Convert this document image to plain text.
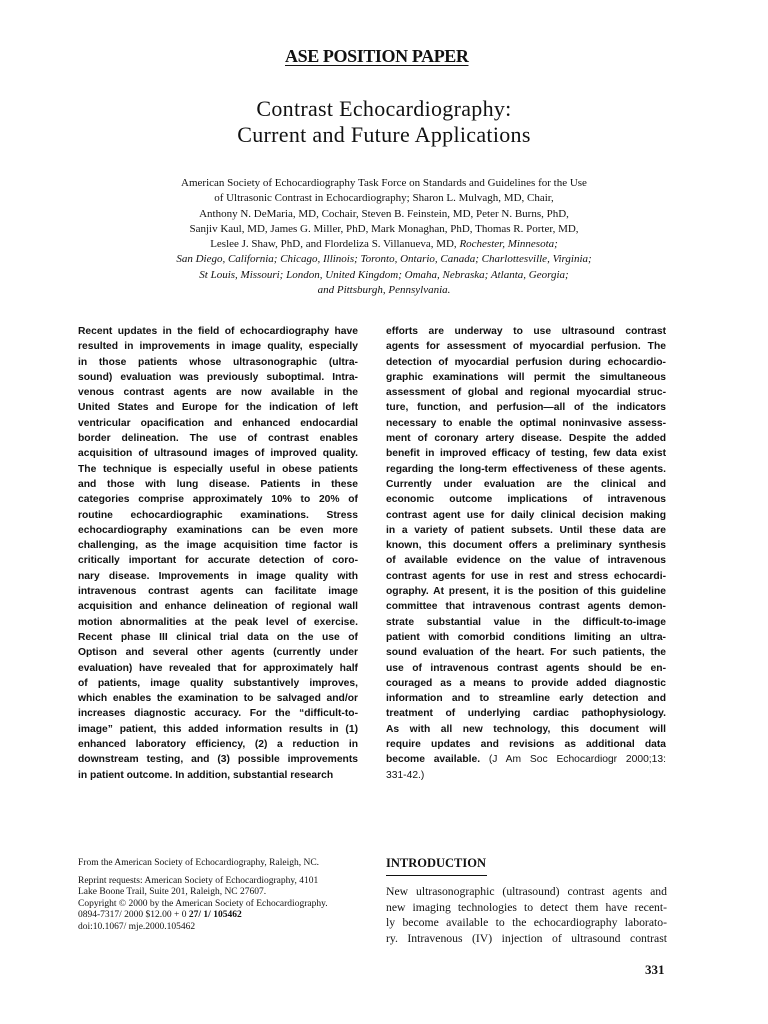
ASE POSITION PAPER
Contrast Echocardiography:
Current and Future Applications
American Society of Echocardiography Task Force on Standards and Guidelines for the Use
of Ultrasonic Contrast in Echocardiography; Sharon L. Mulvagh, MD, Chair,
Anthony N. DeMaria, MD, Cochair, Steven B. Feinstein, MD, Peter N. Burns, PhD,
Sanjiv Kaul, MD, James G. Miller, PhD, Mark Monaghan, PhD, Thomas R. Porter, MD,
Leslee J. Shaw, PhD, and Flordeliza S. Villanueva, MD, Rochester, Minnesota;
San Diego, California; Chicago, Illinois; Toronto, Ontario, Canada; Charlottesville, Virginia;
St Louis, Missouri; London, United Kingdom; Omaha, Nebraska; Atlanta, Georgia;
and Pittsburgh, Pennsylvania.
Recent updates in the field of echocardiography have
resulted in improvements in image quality, especially
in those patients whose ultrasonographic (ultra-
sound) evaluation was previously suboptimal. Intra-
venous contrast agents are now available in the
United States and Europe for the indication of left
ventricular opacification and enhanced endocardial
border delineation. The use of contrast enables
acquisition of ultrasound images of improved quality.
The technique is especially useful in obese patients
and those with lung disease. Patients in these
categories comprise approximately 10% to 20% of
routine echocardiographic examinations. Stress
echocardiography examinations can be even more
challenging, as the image acquisition time factor is
critically important for accurate detection of coro-
nary disease. Improvements in image quality with
intravenous contrast agents can facilitate image
acquisition and enhance delineation of regional wall
motion abnormalities at the peak level of exercise.
Recent phase III clinical trial data on the use of
Optison and several other agents (currently under
evaluation) have revealed that for approximately half
of patients, image quality substantively improves,
which enables the examination to be salvaged and/or
increases diagnostic accuracy. For the “difficult-to-
image” patient, this added information results in (1)
enhanced laboratory efficiency, (2) a reduction in
downstream testing, and (3) possible improvements
in patient outcome. In addition, substantial research
efforts are underway to use ultrasound contrast
agents for assessment of myocardial perfusion. The
detection of myocardial perfusion during echocardio-
graphic examinations will permit the simultaneous
assessment of global and regional myocardial struc-
ture, function, and perfusion—all of the indicators
necessary to enable the optimal noninvasive assess-
ment of coronary artery disease. Despite the added
benefit in improved efficacy of testing, few data exist
regarding the long-term effectiveness of these agents.
Currently under evaluation are the clinical and
economic outcome implications of intravenous
contrast agent use for daily clinical decision making
in a variety of patient subsets. Until these data are
known, this document offers a preliminary synthesis
of available evidence on the value of intravenous
contrast agents for use in rest and stress echocardi-
ography. At present, it is the position of this guideline
committee that intravenous contrast agents demon-
strate substantial value in the difficult-to-image
patient with comorbid conditions limiting an ultra-
sound evaluation of the heart. For such patients, the
use of intravenous contrast agents should be en-
couraged as a means to provide added diagnostic
information and to streamline early detection and
treatment of underlying cardiac pathophysiology.
As with all new technology, this document will
require updates and revisions as additional data
become available. (J Am Soc Echocardiogr 2000;13:
331-42.)
From the American Society of Echocardiography, Raleigh, NC.
Reprint requests: American Society of Echocardiography, 4101
Lake Boone Trail, Suite 201, Raleigh, NC 27607.
Copyright © 2000 by the American Society of Echocardiography.
0894-7317/ 2000 $12.00 + 0 27/ 1/ 105462
doi:10.1067/ mje.2000.105462
INTRODUCTION
New ultrasonographic (ultrasound) contrast agents and
new imaging technologies to detect them have recent-
ly become available to the echocardiography laborato-
ry. Intravenous (IV) injection of ultrasound contrast
331
